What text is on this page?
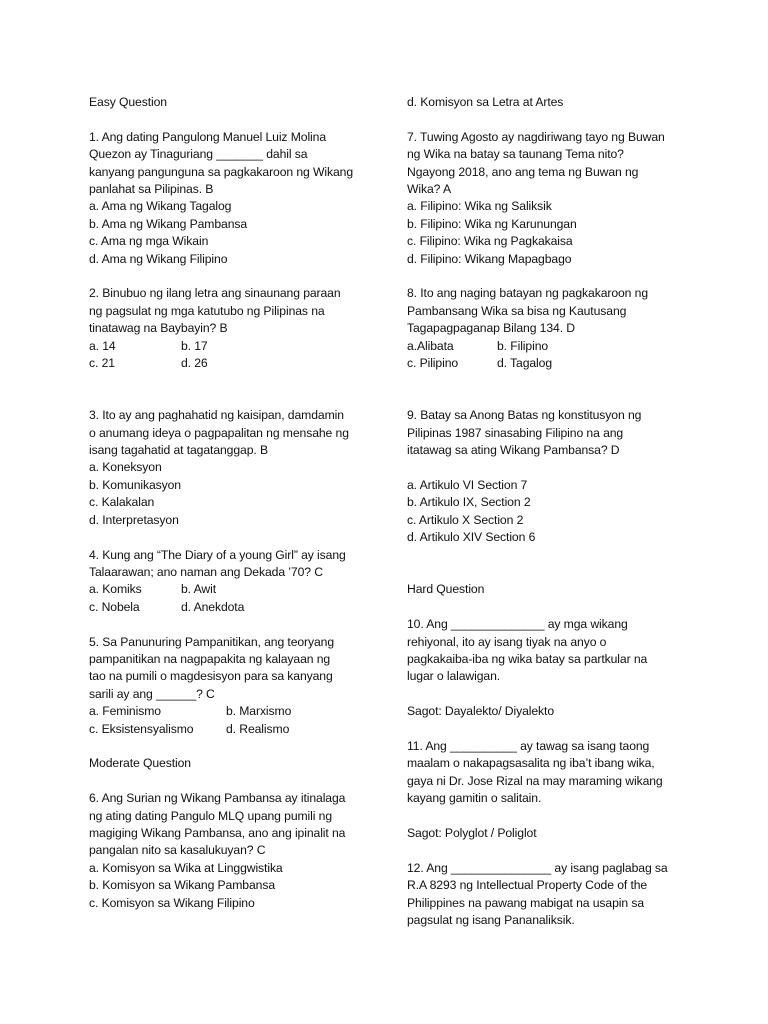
Easy Question
1. Ang dating Pangulong Manuel Luiz Molina
Quezon ay Tinaguriang _______ dahil sa
kanyang pangunguna sa pagkakaroon ng Wikang
panlahat sa Pilipinas. B
a. Ama ng Wikang Tagalog
b. Ama ng Wikang Pambansa
c. Ama ng mga Wikain
d. Ama ng Wikang Filipino
2. Binubuo ng ilang letra ang sinaunang paraan
ng pagsulat ng mga katutubo ng Pilipinas na
tinatawag na Baybayin? B
a. 14	b. 17
c. 21	d. 26
3. Ito ay ang paghahatid ng kaisipan, damdamin
o anumang ideya o pagpapalitan ng mensahe ng
isang tagahatid at tagatanggap. B
a. Koneksyon
b. Komunikasyon
c. Kalakalan
d. Interpretasyon
4. Kung ang “The Diary of a young Girl” ay isang
Talaarawan; ano naman ang Dekada ’70? C
a. Komiks	b. Awit
c. Nobela	d. Anekdota
5. Sa Panunuring Pampanitikan, ang teoryang
pampanitikan na nagpapakita ng kalayaan ng
tao na pumili o magdesisyon para sa kanyang
sarili ay ang ______? C
a. Feminismo	b. Marxismo
c. Eksistensyalismo	d. Realismo
Moderate Question
6. Ang Surian ng Wikang Pambansa ay itinalaga
ng ating dating Pangulo MLQ upang pumili ng
magiging Wikang Pambansa, ano ang ipinalit na
pangalan nito sa kasalukuyan? C
a. Komisyon sa Wika at Linggwistika
b. Komisyon sa Wikang Pambansa
c. Komisyon sa Wikang Filipino
d. Komisyon sa Letra at Artes
7. Tuwing Agosto ay nagdiriwang tayo ng Buwan
ng Wika na batay sa taunang Tema nito?
Ngayong 2018, ano ang tema ng Buwan ng
Wika? A
a. Filipino: Wika ng Saliksik
b. Filipino: Wika ng Karunungan
c. Filipino: Wika ng Pagkakaisa
d. Filipino: Wikang Mapagbago
8. Ito ang naging batayan ng pagkakaroon ng
Pambansang Wika sa bisa ng Kautusang
Tagapagpaganap Bilang 134. D
a.Alibata	b. Filipino
c. Pilipino	d. Tagalog
9. Batay sa Anong Batas ng konstitusyon ng
Pilipinas 1987 sinasabing Filipino na ang
itatawag sa ating Wikang Pambansa? D
a. Artikulo VI Section 7
b. Artikulo IX, Section 2
c. Artikulo X Section 2
d. Artikulo XIV Section 6
Hard Question
10. Ang ______________ ay mga wikang
rehiyonal, ito ay isang tiyak na anyo o
pagkakaiba-iba ng wika batay sa partkular na
lugar o lalawigan.
Sagot: Dayalekto/ Diyalekto
11. Ang __________ ay tawag sa isang taong
maalam o nakapagsasalita ng iba’t ibang wika,
gaya ni Dr. Jose Rizal na may maraming wikang
kayang gamitin o salitain.
Sagot: Polyglot / Poliglot
12. Ang _______________ ay isang paglabag sa
R.A 8293 ng Intellectual Property Code of the
Philippines na pawang mabigat na usapin sa
pagsulat ng isang Pananaliksik.
